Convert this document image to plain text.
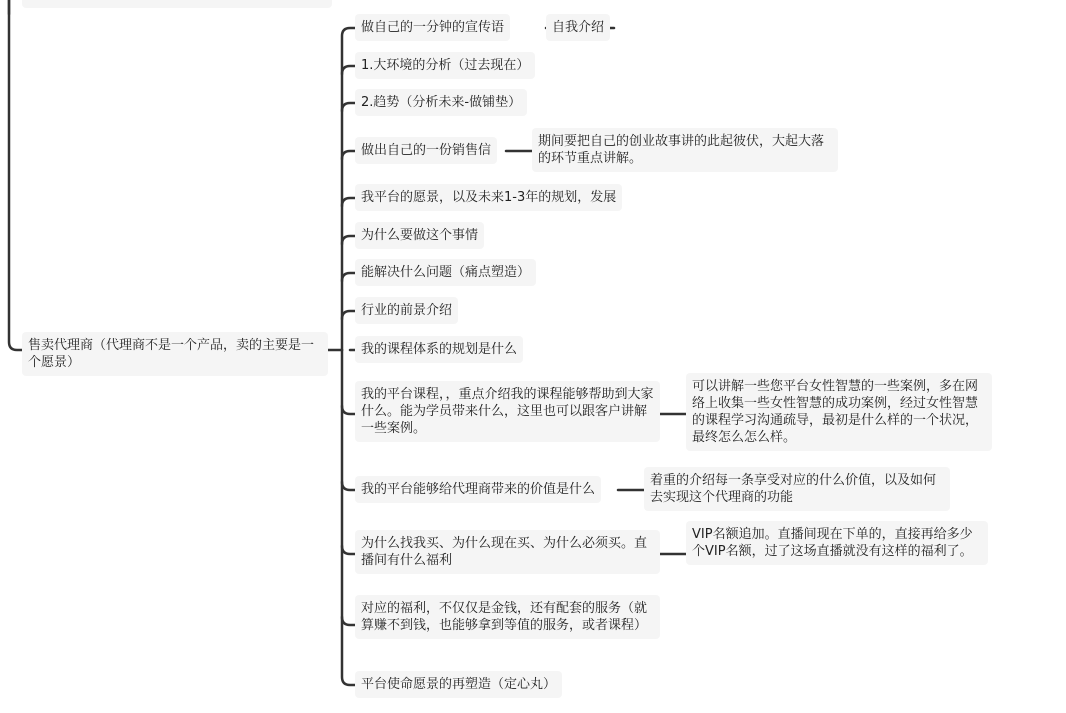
售卖代理商（代理商不是一个产品，卖的主要是一个愿景）
做自己的一分钟的宣传语	自我介绍
1.大环境的分析（过去现在）
2.趋势（分析未来-做铺垫）
做出自己的一份销售信
期间要把自己的创业故事讲的此起彼伏，大起大落的环节重点讲解。
我平台的愿景，以及未来1-3年的规划，发展
为什么要做这个事情
能解决什么问题（痛点塑造）
行业的前景介绍
我的课程体系的规划是什么
我的平台课程，，重点介绍我的课程能够帮助到大家什么。能为学员带来什么，这里也可以跟客户讲解一些案例。
可以讲解一些您平台女性智慧的一些案例，多在网络上收集一些女性智慧的成功案例，经过女性智慧的课程学习沟通疏导，最初是什么样的一个状况，最终怎么怎么样。
我的平台能够给代理商带来的价值是什么
着重的介绍每一条享受对应的什么价值，以及如何去实现这个代理商的功能
为什么找我买、为什么现在买、为什么必须买。直播间有什么福利
VIP名额追加。直播间现在下单的，直接再给多少个VIP名额，过了这场直播就没有这样的福利了。
对应的福利，不仅仅是金钱，还有配套的服务（就算赚不到钱，也能够拿到等值的服务，或者课程）
平台使命愿景的再塑造（定心丸）
